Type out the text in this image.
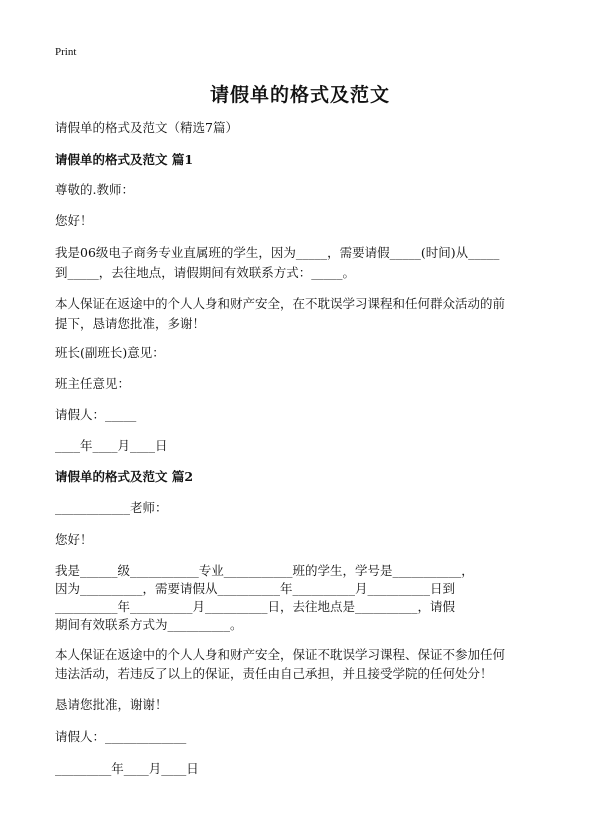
Print
请假单的格式及范文
请假单的格式及范文（精选7篇）
请假单的格式及范文 篇1
尊敬的.教师：
您好！
我是06级电子商务专业直属班的学生，因为_____，需要请假_____(时间)从_____
到_____，去往地点，请假期间有效联系方式：_____。
本人保证在返途中的个人人身和财产安全，在不耽误学习课程和任何群众活动的前
提下，恳请您批准，多谢！
班长(副班长)意见：
班主任意见：
请假人：_____
____年____月____日
请假单的格式及范文 篇2
____________老师：
您好！
我是______级___________专业___________班的学生，学号是___________，
因为__________，需要请假从__________年__________月__________日到
__________年__________月__________日，去往地点是__________，请假
期间有效联系方式为__________。
本人保证在返途中的个人人身和财产安全，保证不耽误学习课程、保证不参加任何
违法活动，若违反了以上的保证，责任由自己承担，并且接受学院的任何处分！
恳请您批准，谢谢！
请假人：_____________
_________年____月____日
